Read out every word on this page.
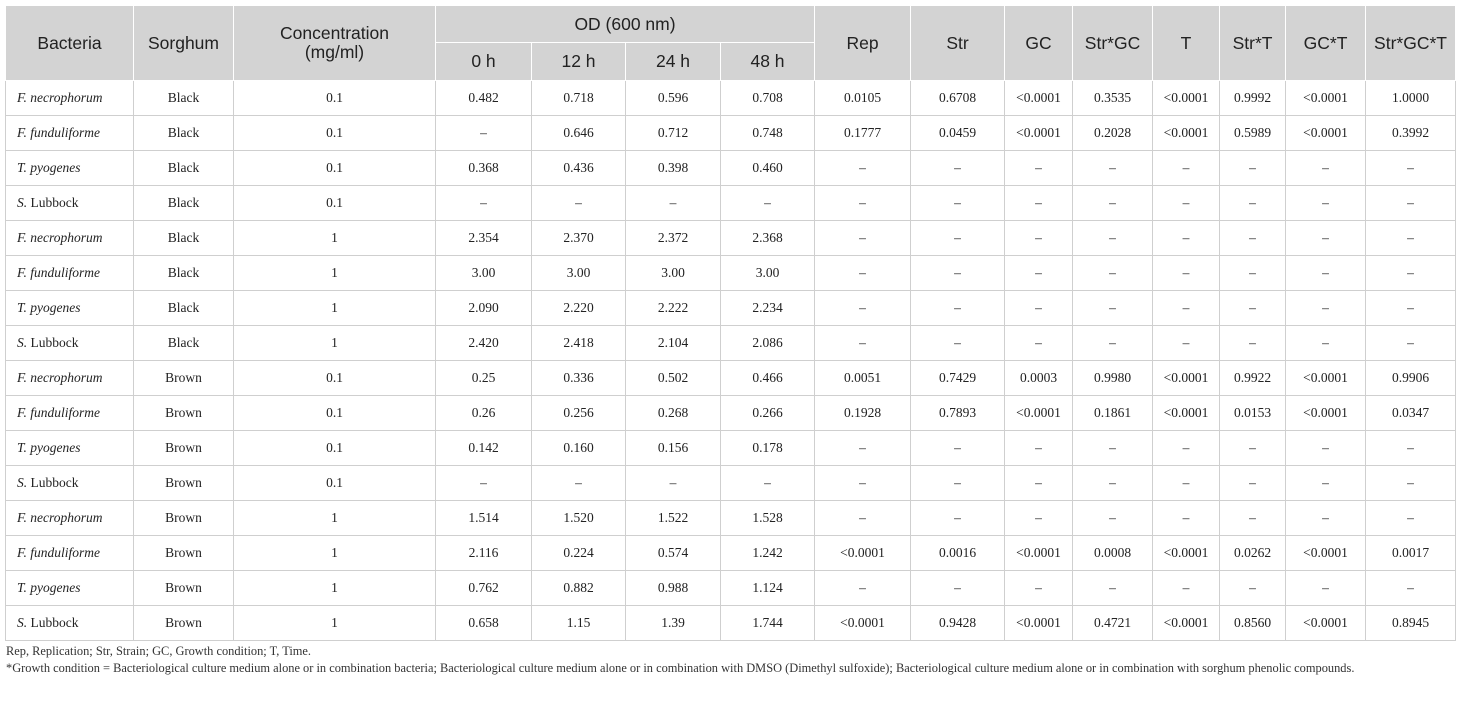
Bacteria	Sorghum	Concentration
(mg/ml)	OD (600 nm)				Rep	Str	GC	Str*GC	T	Str*T	GC*T	Str*GC*T
			0 h	12 h	24 h	48 h								
F. necrophorum	Black	0.1	0.482	0.718	0.596	0.708	0.0105	0.6708	<0.0001	0.3535	<0.0001	0.9992	<0.0001	1.0000
F. funduliforme	Black	0.1	–	0.646	0.712	0.748	0.1777	0.0459	<0.0001	0.2028	<0.0001	0.5989	<0.0001	0.3992
T. pyogenes	Black	0.1	0.368	0.436	0.398	0.460	–	–	–	–	–	–	–	–
S. Lubbock	Black	0.1	–	–	–	–	–	–	–	–	–	–	–	–
F. necrophorum	Black	1	2.354	2.370	2.372	2.368	–	–	–	–	–	–	–	–
F. funduliforme	Black	1	3.00	3.00	3.00	3.00	–	–	–	–	–	–	–	–
T. pyogenes	Black	1	2.090	2.220	2.222	2.234	–	–	–	–	–	–	–	–
S. Lubbock	Black	1	2.420	2.418	2.104	2.086	–	–	–	–	–	–	–	–
F. necrophorum	Brown	0.1	0.25	0.336	0.502	0.466	0.0051	0.7429	0.0003	0.9980	<0.0001	0.9922	<0.0001	0.9906
F. funduliforme	Brown	0.1	0.26	0.256	0.268	0.266	0.1928	0.7893	<0.0001	0.1861	<0.0001	0.0153	<0.0001	0.0347
T. pyogenes	Brown	0.1	0.142	0.160	0.156	0.178	–	–	–	–	–	–	–	–
S. Lubbock	Brown	0.1	–	–	–	–	–	–	–	–	–	–	–	–
F. necrophorum	Brown	1	1.514	1.520	1.522	1.528	–	–	–	–	–	–	–	–
F. funduliforme	Brown	1	2.116	0.224	0.574	1.242	<0.0001	0.0016	<0.0001	0.0008	<0.0001	0.0262	<0.0001	0.0017
T. pyogenes	Brown	1	0.762	0.882	0.988	1.124	–	–	–	–	–	–	–	–
S. Lubbock	Brown	1	0.658	1.15	1.39	1.744	<0.0001	0.9428	<0.0001	0.4721	<0.0001	0.8560	<0.0001	0.8945

Rep, Replication; Str, Strain; GC, Growth condition; T, Time.

*Growth condition = Bacteriological culture medium alone or in combination bacteria; Bacteriological culture medium alone or in combination with DMSO (Dimethyl sulfoxide); Bacteriological culture medium alone or in combination with sorghum phenolic compounds.
